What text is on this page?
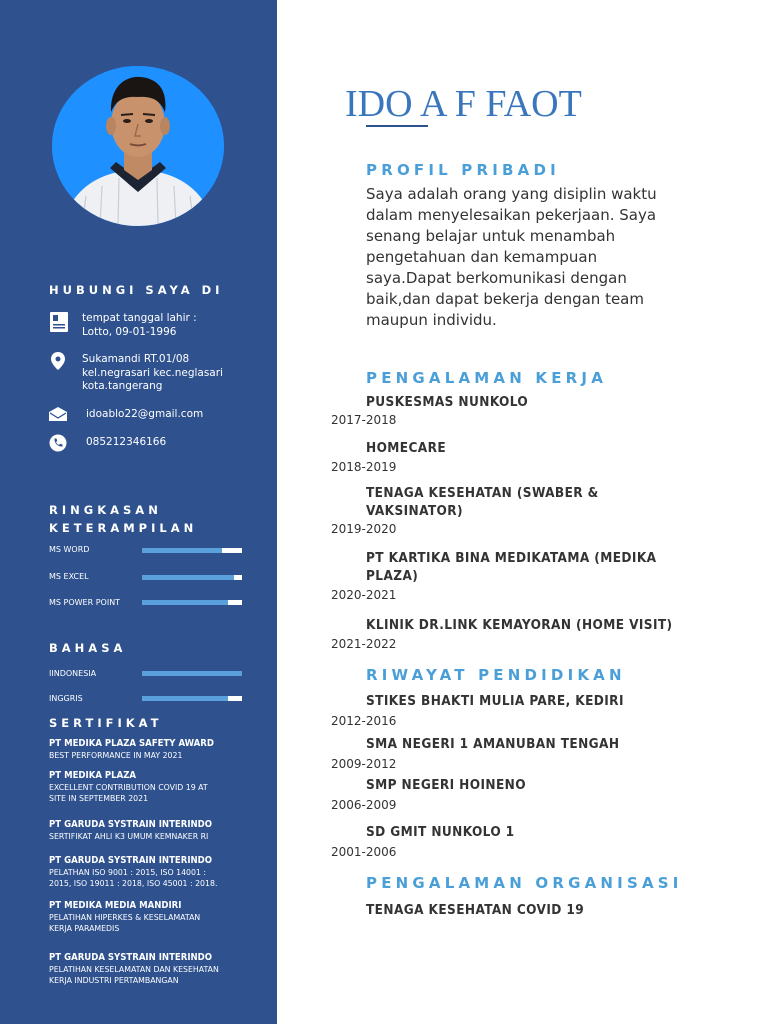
HUBUNGI SAYA DI
tempat tanggal lahir :
Lotto, 09-01-1996
Sukamandi RT.01/08
kel.negrasari kec.neglasari
kota.tangerang
idoablo22@gmail.com
085212346166
RINGKASAN
KETERAMPILAN
MS WORD
MS EXCEL
MS POWER POINT
BAHASA
IINDONESIA
INGGRIS
SERTIFIKAT
PT MEDIKA PLAZA SAFETY AWARD
BEST PERFORMANCE IN MAY 2021
PT MEDIKA PLAZA
EXCELLENT CONTRIBUTION COVID 19 AT
SITE IN SEPTEMBER 2021
PT GARUDA SYSTRAIN INTERINDO
SERTIFIKAT AHLI K3 UMUM KEMNAKER RI
PT GARUDA SYSTRAIN INTERINDO
PELATHAN ISO 9001 : 2015, ISO 14001 :
2015, ISO 19011 : 2018, ISO 45001 : 2018.
PT MEDIKA MEDIA MANDIRI
PELATIHAN HIPERKES & KESELAMATAN
KERJA PARAMEDIS
PT GARUDA SYSTRAIN INTERINDO
PELATIHAN KESELAMATAN DAN KESEHATAN
KERJA INDUSTRI PERTAMBANGAN
IDO A F FAOT
PROFIL PRIBADI
Saya adalah orang yang disiplin waktu dalam menyelesaikan pekerjaan. Saya senang belajar untuk menambah pengetahuan dan kemampuan saya.Dapat berkomunikasi dengan baik,dan dapat bekerja dengan team maupun individu.
PENGALAMAN KERJA
PUSKESMAS NUNKOLO
2017-2018
HOMECARE
2018-2019
TENAGA KESEHATAN (SWABER & VAKSINATOR)
2019-2020
PT KARTIKA BINA MEDIKATAMA (MEDIKA PLAZA)
2020-2021
KLINIK DR.LINK KEMAYORAN (HOME VISIT)
2021-2022
RIWAYAT PENDIDIKAN
STIKES BHAKTI MULIA PARE, KEDIRI
2012-2016
SMA NEGERI 1 AMANUBAN TENGAH
2009-2012
SMP NEGERI HOINENO
2006-2009
SD GMIT NUNKOLO 1
2001-2006
PENGALAMAN ORGANISASI
TENAGA KESEHATAN COVID 19
